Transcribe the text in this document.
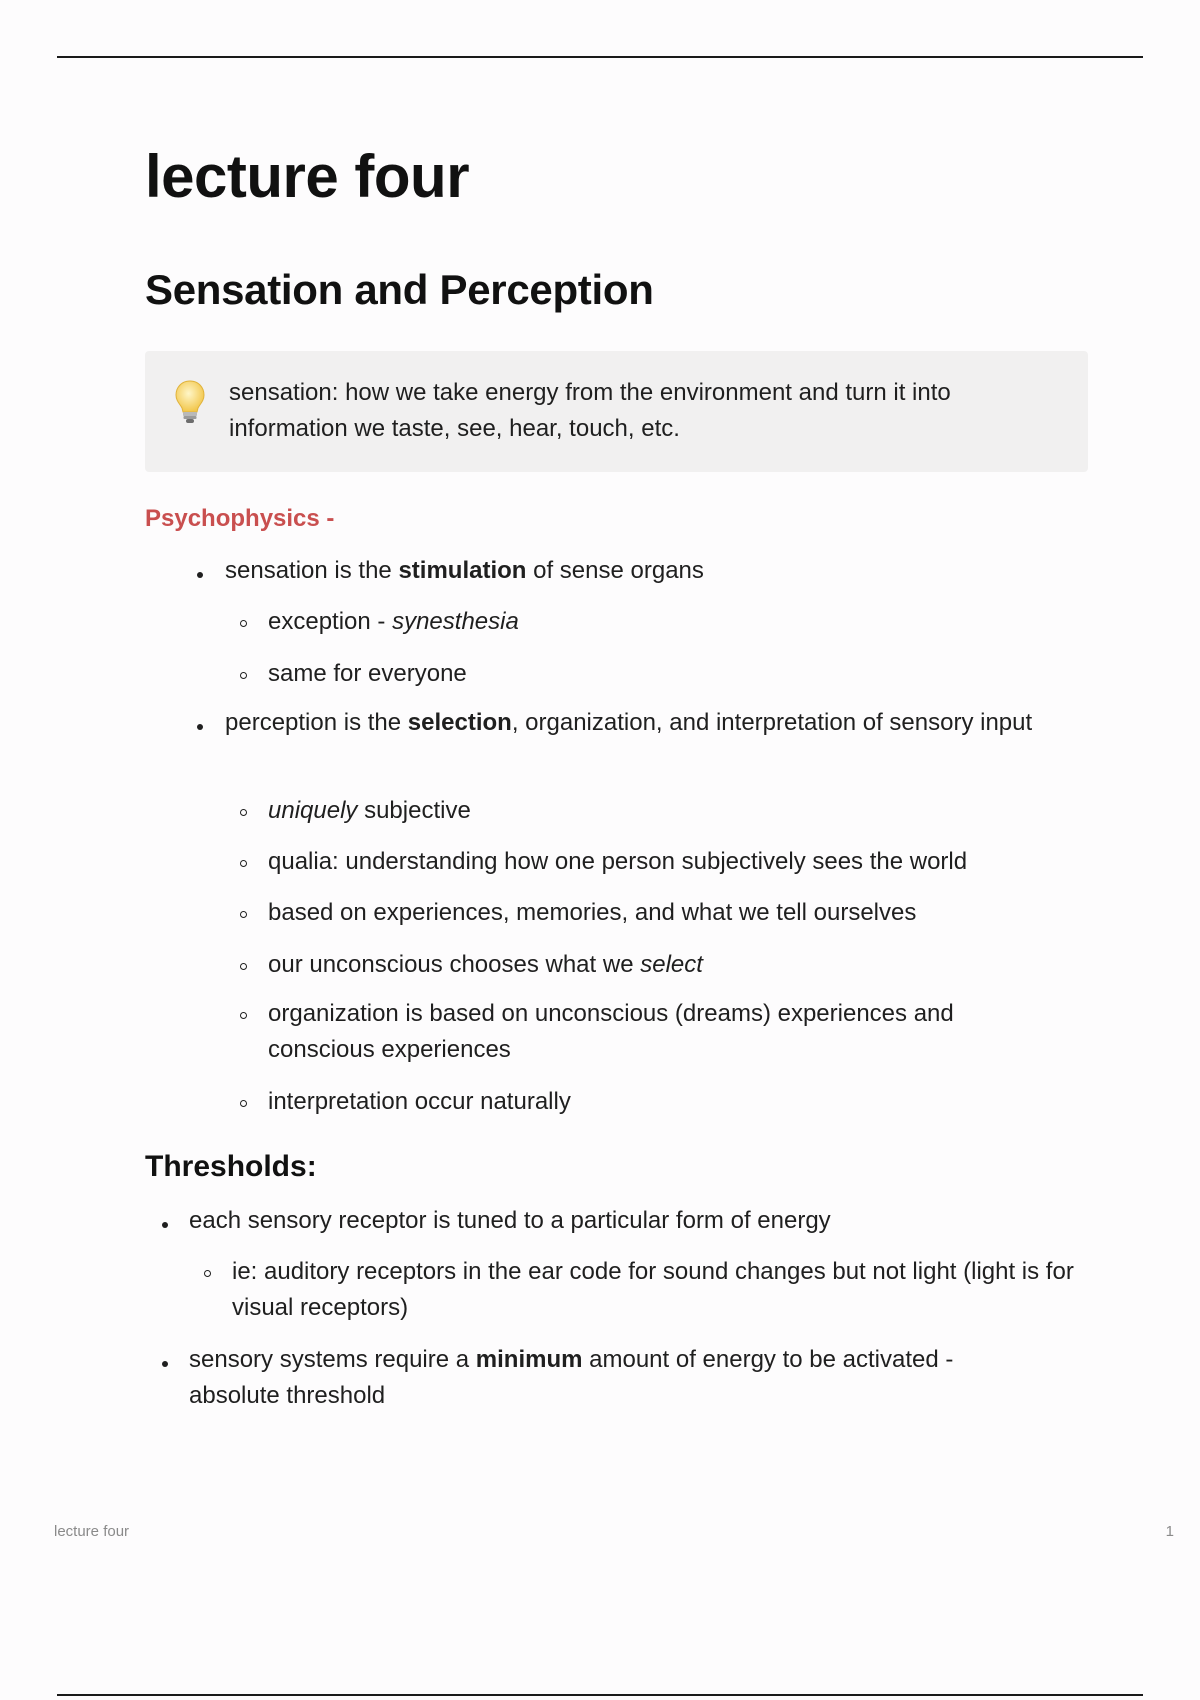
lecture four
Sensation and Perception
sensation: how we take energy from the environment and turn it into information we taste, see, hear, touch, etc.
Psychophysics -
sensation is the stimulation of sense organs
exception - synesthesia
same for everyone
perception is the selection, organization, and interpretation of sensory input
uniquely subjective
qualia: understanding how one person subjectively sees the world
based on experiences, memories, and what we tell ourselves
our unconscious chooses what we select
organization is based on unconscious (dreams) experiences and conscious experiences
interpretation occur naturally
Thresholds:
each sensory receptor is tuned to a particular form of energy
ie: auditory receptors in the ear code for sound changes but not light (light is for visual receptors)
sensory systems require a minimum amount of energy to be activated - absolute threshold
lecture four	1
